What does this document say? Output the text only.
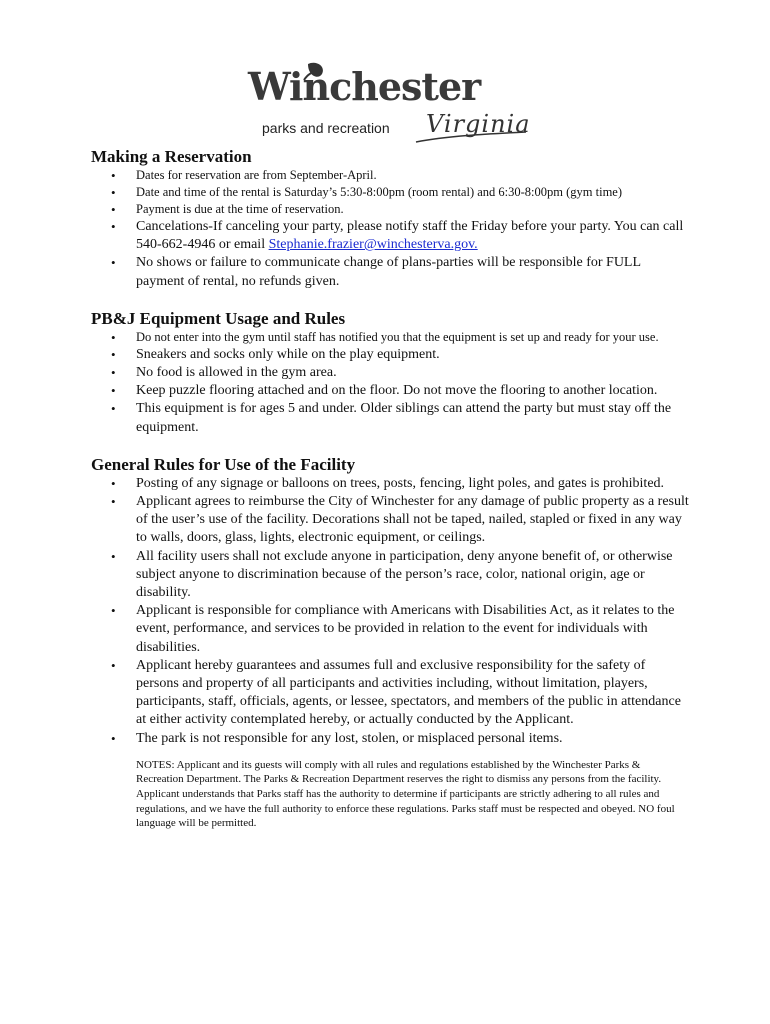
Winchester
parks and recreation Virginia
Making a Reservation
• Dates for reservation are from September-April.
• Date and time of the rental is Saturday’s 5:30-8:00pm (room rental) and 6:30-8:00pm (gym time)
• Payment is due at the time of reservation.
• Cancelations-If canceling your party, please notify staff the Friday before your party. You can call 540-662-4946 or email Stephanie.frazier@winchesterva.gov.
• No shows or failure to communicate change of plans-parties will be responsible for FULL payment of rental, no refunds given.
PB&J Equipment Usage and Rules
• Do not enter into the gym until staff has notified you that the equipment is set up and ready for your use.
• Sneakers and socks only while on the play equipment.
• No food is allowed in the gym area.
• Keep puzzle flooring attached and on the floor. Do not move the flooring to another location.
• This equipment is for ages 5 and under. Older siblings can attend the party but must stay off the equipment.
General Rules for Use of the Facility
• Posting of any signage or balloons on trees, posts, fencing, light poles, and gates is prohibited.
• Applicant agrees to reimburse the City of Winchester for any damage of public property as a result of the user’s use of the facility. Decorations shall not be taped, nailed, stapled or fixed in any way to walls, doors, glass, lights, electronic equipment, or ceilings.
• All facility users shall not exclude anyone in participation, deny anyone benefit of, or otherwise subject anyone to discrimination because of the person’s race, color, national origin, age or disability.
• Applicant is responsible for compliance with Americans with Disabilities Act, as it relates to the event, performance, and services to be provided in relation to the event for individuals with disabilities.
• Applicant hereby guarantees and assumes full and exclusive responsibility for the safety of persons and property of all participants and activities including, without limitation, players, participants, staff, officials, agents, or lessee, spectators, and members of the public in attendance at either activity contemplated hereby, or actually conducted by the Applicant.
• The park is not responsible for any lost, stolen, or misplaced personal items.
NOTES: Applicant and its guests will comply with all rules and regulations established by the Winchester Parks & Recreation Department. The Parks & Recreation Department reserves the right to dismiss any persons from the facility. Applicant understands that Parks staff has the authority to determine if participants are strictly adhering to all rules and regulations, and we have the full authority to enforce these regulations. Parks staff must be respected and obeyed. NO foul language will be permitted.
